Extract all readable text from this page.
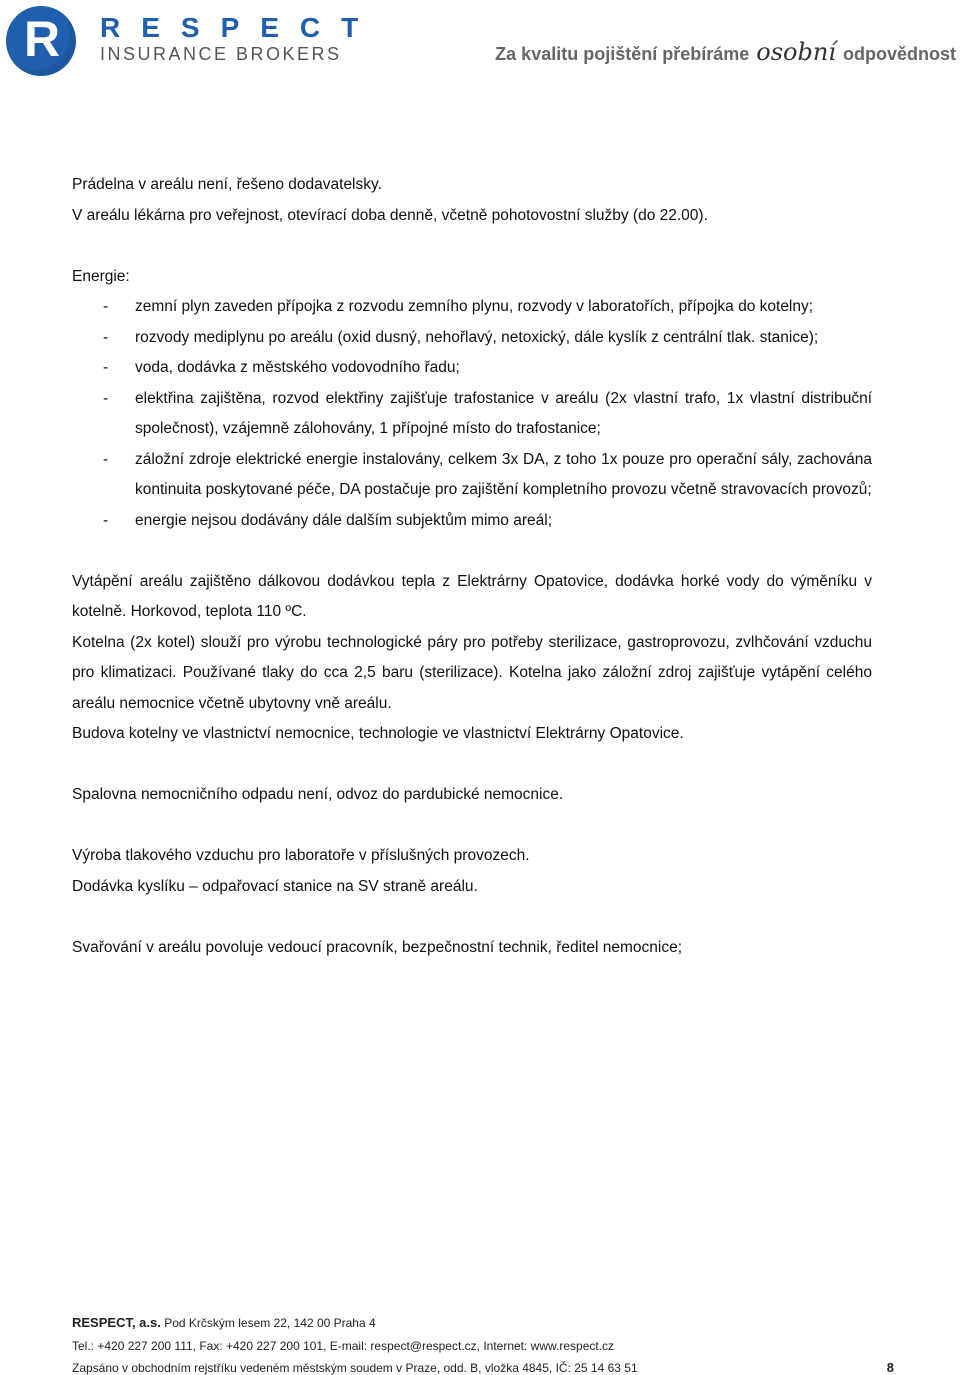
R RESPECT
INSURANCE BROKERS	Za kvalitu pojištění přebíráme osobní odpovědnost

Prádelna v areálu není, řešeno dodavatelsky.

V areálu lékárna pro veřejnost, otevírací doba denně, včetně pohotovostní služby (do 22.00).

Energie:

- zemní plyn zaveden přípojka z rozvodu zemního plynu, rozvody v laboratořích, přípojka do kotelny;
- rozvody mediplynu po areálu (oxid dusný, nehořlavý, netoxický, dále kyslík z centrální tlak. stanice);
- voda, dodávka z městského vodovodního řadu;
- elektřina zajištěna, rozvod elektřiny zajišťuje trafostanice v areálu (2x vlastní trafo, 1x vlastní distribuční společnost), vzájemně zálohovány, 1 přípojné místo do trafostanice;
- záložní zdroje elektrické energie instalovány, celkem 3x DA, z toho 1x pouze pro operační sály, zachována kontinuita poskytované péče, DA postačuje pro zajištění kompletního provozu včetně stravovacích provozů;
- energie nejsou dodávány dále dalším subjektům mimo areál;

Vytápění areálu zajištěno dálkovou dodávkou tepla z Elektrárny Opatovice, dodávka horké vody do výměníku v kotelně. Horkovod, teplota 110 ºC.

Kotelna (2x kotel) slouží pro výrobu technologické páry pro potřeby sterilizace, gastroprovozu, zvlhčování vzduchu pro klimatizaci. Používané tlaky do cca 2,5 baru (sterilizace). Kotelna jako záložní zdroj zajišťuje vytápění celého areálu nemocnice včetně ubytovny vně areálu.

Budova kotelny ve vlastnictví nemocnice, technologie ve vlastnictví Elektrárny Opatovice.

Spalovna nemocničního odpadu není, odvoz do pardubické nemocnice.

Výroba tlakového vzduchu pro laboratoře v příslušných provozech.

Dodávka kyslíku – odpařovací stanice na SV straně areálu.

Svařování v areálu povoluje vedoucí pracovník, bezpečnostní technik, ředitel nemocnice;

RESPECT, a.s. Pod Krčským lesem 22, 142 00 Praha 4
Tel.: +420 227 200 111, Fax: +420 227 200 101, E-mail: respect@respect.cz, Internet: www.respect.cz
Zapsáno v obchodním rejstříku vedeném městským soudem v Praze, odd. B, vložka 4845, IČ: 25 14 63 51	8
